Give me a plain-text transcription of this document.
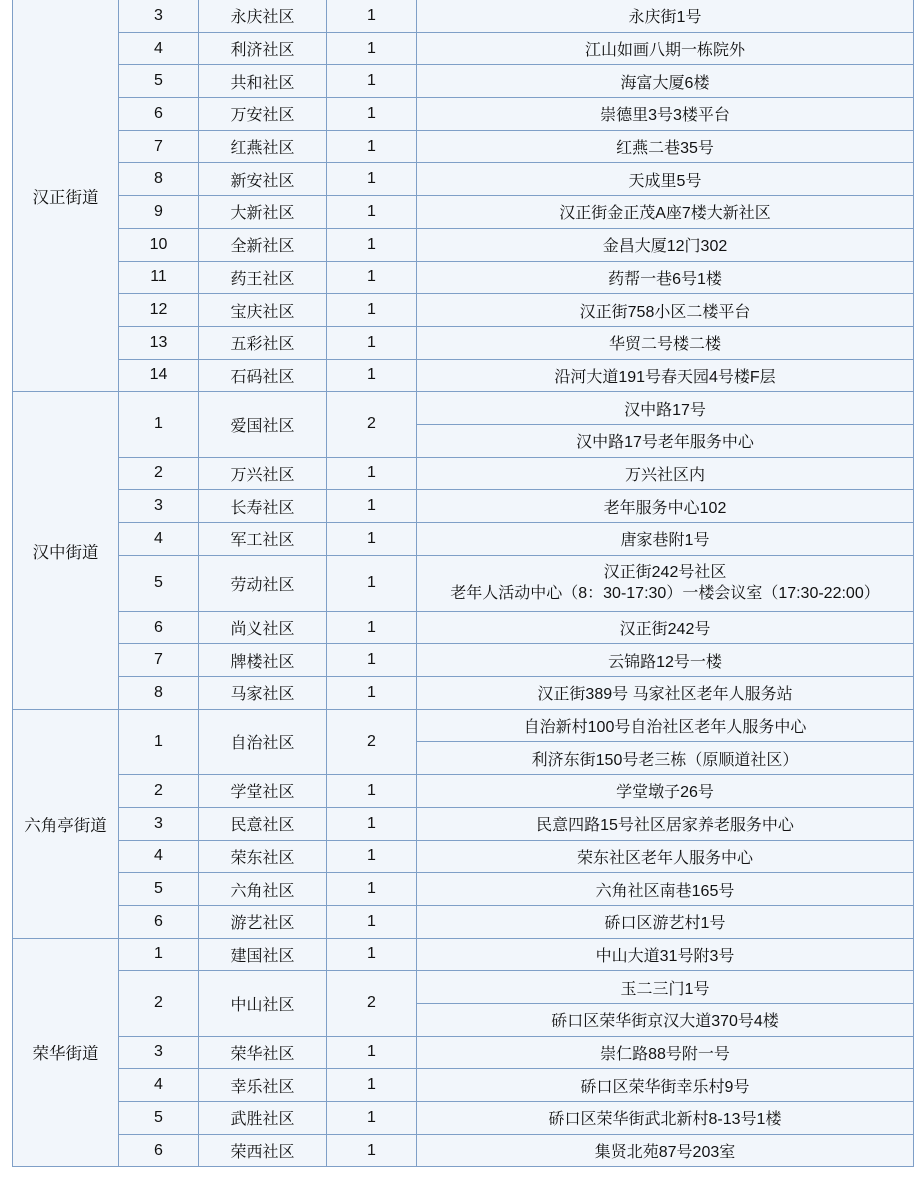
汉正街道	3	永庆社区	1	永庆街1号
	4	利济社区	1	江山如画八期一栋院外
	5	共和社区	1	海富大厦6楼
	6	万安社区	1	崇德里3号3楼平台
	7	红燕社区	1	红燕二巷35号
	8	新安社区	1	天成里5号
	9	大新社区	1	汉正街金正茂A座7楼大新社区
	10	全新社区	1	金昌大厦12门302
	11	药王社区	1	药帮一巷6号1楼
	12	宝庆社区	1	汉正街758小区二楼平台
	13	五彩社区	1	华贸二号楼二楼
	14	石码社区	1	沿河大道191号春天园4号楼F层
汉中街道	1	爱国社区	2	汉中路17号
				汉中路17号老年服务中心
	2	万兴社区	1	万兴社区内
	3	长寿社区	1	老年服务中心102
	4	军工社区	1	唐家巷附1号
	5	劳动社区	1	汉正街242号社区
老年人活动中心（8：30-17:30）一楼会议室（17:30-22:00）
	6	尚义社区	1	汉正街242号
	7	牌楼社区	1	云锦路12号一楼
	8	马家社区	1	汉正街389号 马家社区老年人服务站
六角亭街道	1	自治社区	2	自治新村100号自治社区老年人服务中心
				利济东街150号老三栋（原顺道社区）
	2	学堂社区	1	学堂墩子26号
	3	民意社区	1	民意四路15号社区居家养老服务中心
	4	荣东社区	1	荣东社区老年人服务中心
	5	六角社区	1	六角社区南巷165号
	6	游艺社区	1	硚口区游艺村1号
荣华街道	1	建国社区	1	中山大道31号附3号
	2	中山社区	2	玉二三门1号
				硚口区荣华街京汉大道370号4楼
	3	荣华社区	1	崇仁路88号附一号
	4	幸乐社区	1	硚口区荣华街幸乐村9号
	5	武胜社区	1	硚口区荣华街武北新村8-13号1楼
	6	荣西社区	1	集贤北苑87号203室
